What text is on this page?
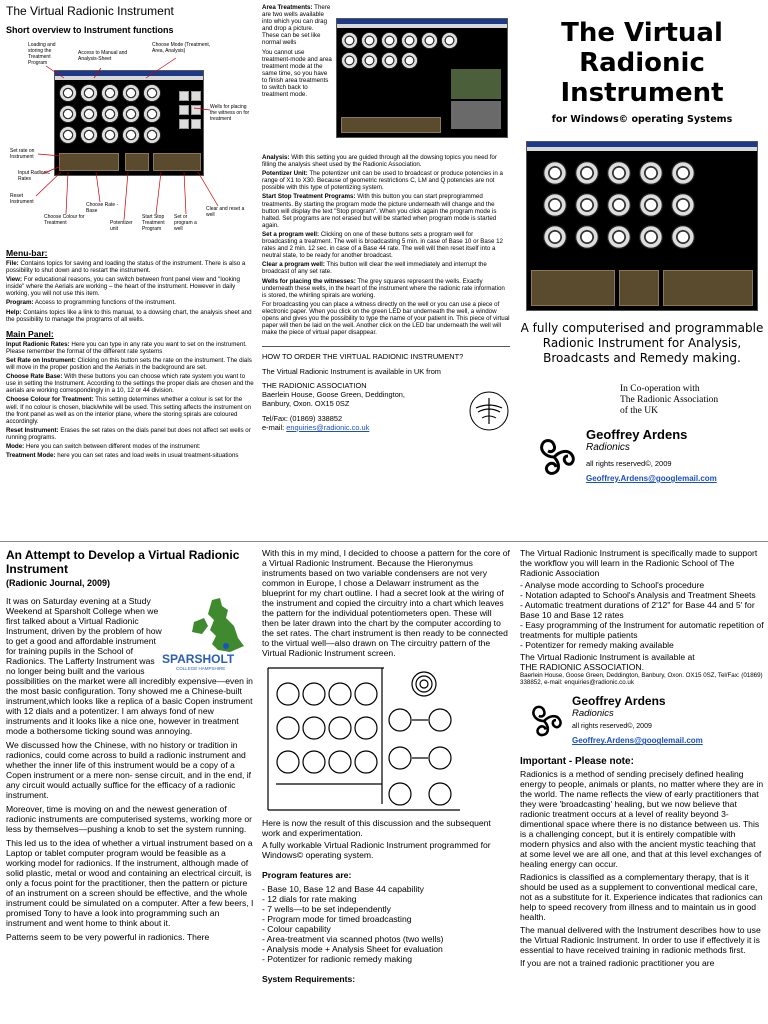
The Virtual Radionic Instrument
Short overview to Instrument functions
Loading and storing the Treatment Program
Access to Manual and Analysis-Sheet
Choose Mode (Treatment, Area, Analysis)
Wells for placing the witness on for treatment
Set rate on Instrument
Input Radionic Rates
Reset Instrument
Choose Colour for Treatment
Choose Rate - Base
Potentizer unit
Start Stop Treatment Program
Set or program a well
Clear and reset a well
Menu-bar:

File: Contains topics for saving and loading the status of the instrument. There is also a possibility to shut down and to restart the instrument.

View: For educational reasons, you can switch between front panel view and "looking inside" where the Aerials are working – the heart of the instrument. However in daily working, you will not use this item.

Program: Access to programming functions of the instrument.

Help: Contains topics like a link to this manual, to a dowsing chart, the analysis sheet and the possibility to manage the programs of all wells.

Main Panel:

Input Radionic Rates: Here you can type in any rate you want to set on the instrument. Please remember the format of the different rate systems

Set Rate on Instrument: Clicking on this button sets the rate on the instrument. The dials will move in the proper position and the Aerials in the background are set.

Choose Rate Base: With these buttons you can choose which rate system you want to use in setting the Instrument. According to the settings the proper dials are chosen and the aerials are working correspondingly in a 10, 12 or 44 division.

Choose Colour for Treatment: This setting determines whether a colour is set for the well. If no colour is chosen, black/white will be used. This setting affects the instrument on the front panel as well as on the interior plane, where the storing spirals are coloured accordingly.

Reset Instrument: Erases the set rates on the dials panel but does not affect set wells or running programs.

Mode: Here you can switch between different modes of the instrument:

Treatment Mode: here you can set rates and load wells in usual treatment-situations

Area Treatments: There are two wells available into which you can drag and drop a picture. These can be set like normal wells

You cannot use treatment-mode and area treatment mode at the same time, so you have to finish area treatments to switch back to treatment mode.

Analysis: With this setting you are guided through all the dowsing topics you need for filling the analysis sheet used by the Radionic Association.

Potentizer Unit: The potentizer unit can be used to broadcast or produce potencies in a range of X1 to X30. Because of geometric restrictions C, LM and Q potencies are not possible with this type of potentizing system.

Start Stop Treatment Programs: With this button you can start preprogrammed treatments. By starting the program mode the picture underneath will change and the button will display the text "Stop program". When you click again the program mode is halted. Set programs are not erased but will be started when program mode is started again.

Set a program well: Clicking on one of these buttons sets a program well for broadcasting a treatment. The well is broadcasting 5 min. in case of Base 10 or Base 12 rates and 2 min. 12 sec. in case of a Base 44 rate. The well will then reset itself into a neutral state, to be ready for another broadcast.

Clear a program well: This button will clear the well immediately and interrupt the broadcast of any set rate.

Wells for placing the witnesses: The grey squares represent the wells. Exactly underneath these wells, in the heart of the instrument where the radionic rate information is stored, the whirling spirals are working.

For broadcasting you can place a witness directly on the well or you can use a piece of electronic paper. When you click on the green LED bar underneath the well, a window opens and gives you the possibility to type the name of your patient in. This piece of virtual paper will then be laid on the well. Another click on the LED bar underneath the well will make the piece of virtual paper disappear.

HOW TO ORDER THE VIRTUAL RADIONIC INSTRUMENT?
The Virtual Radionic Instrument is available in UK from
THE RADIONIC ASSOCIATION
Baerlein House, Goose Green, Deddington,
Banbury, Oxon. OX15 0SZ
Tel/Fax: (01869) 338852
e-mail: enquiries@radionic.co.uk
The Virtual
Radionic
Instrument
for Windows© operating Systems
A fully computerised and programmable Radionic Instrument for Analysis, Broadcasts and Remedy making.
In Co-operation with
The Radionic Association
of the UK
Geoffrey Ardens
Radionics
all rights reserved©, 2009
Geoffrey.Ardens@googlemail.com
An Attempt to Develop a Virtual Radionic Instrument
(Radionic Journal, 2009)
SPARSHOLT
COLLEGE HAMPSHIRE

It was on Saturday evening at a Study Weekend at Sparsholt College when we first talked about a Virtual Radionic Instrument, driven by the problem of how to get a good and affordable instrument for training pupils in the School of Radionics. The Lafferty Instrument was no longer being built and the various possibilities on the market were all incredibly expensive—even in the most basic configuration. Tony showed me a Chinese-built instrument,which looks like a replica of a basic Copen instrument with 12 dials and a potentizer. I am always fond of new instruments and it looks like a nice one, however in treatment mode a bothersome ticking sound was annoying.

We discussed how the Chinese, with no history or tradition in radionics, could come across to build a radionic instrument and whether the inner life of this instrument would be a copy of a Copen instrument or a mere non- sense circuit, and in the end, if any circuit would actually suffice for the efficacy of a radionic instrument.

Moreover, time is moving on and the newest generation of radionic instruments are computerised systems, working more or less by themselves—pushing a knob to set the system running.

This led us to the idea of whether a virtual instrument based on a Laptop or tablet computer program would be feasible as a working model for radionics. If the instrument, although made of solid plastic, metal or wood and containing an electrical circuit, is only a focus point for the practitioner, then the pattern or picture of an instrument on a screen should be effective, and the whole instrument could be simulated on a computer. After a few beers, I promised Tony to have a look into programming such an instrument and went home to think about it.

Patterns seem to be very powerful in radionics. There

With this in my mind, I decided to choose a pattern for the core of a Virtual Radionic Instrument. Because the Hieronymus instruments based on two variable condensers are not very common in Europe, I chose a Delawarr instrument as the blueprint for my chart outline. I had a secret look at the wiring of the instrument and copied the circuitry into a chart which leaves the pattern for the individual potentiometers open. These will then be later drawn into the chart by the computer according to the set rates. The chart instrument is then ready to be connected to the virtual well—also drawn on The circuitry pattern of the Virtual Radionic Instrument screen.

Here is now the result of this discussion and the subsequent work and experimentation.

A fully workable Virtual Radionic Instrument programmed for Windows© operating system.

Program features are:
- Base 10, Base 12 and Base 44 capability
- 12 dials for rate making
- 7 wells—to be set independently
- Program mode for timed broadcasting
- Colour capability
- Area-treatment via scanned photos (two wells)
- Analysis mode + Analysis Sheet for evaluation
- Potentizer for radionic remedy making
System Requirements:
The Virtual Radionic Instrument is specifically made to support the workflow you will learn in the Radionic School of The Radionic Association
- Analyse mode according to School's procedure
- Notation adapted to School's Analysis and Treatment Sheets
- Automatic treatment durations of 2'12" for Base 44 and 5' for Base 10 and Base 12 rates
- Easy programming of the Instrument for automatic repetition of treatments for multiple patients
- Potentizer for remedy making available
The Virtual Radionic Instrument is available at
THE RADIONIC ASSOCIATION.
Baerlein House, Goose Green, Deddington, Banbury, Oxon. OX15 0SZ, Tel/Fax: (01869) 338852, e-mail: enquiries@radionic.co.uk
Geoffrey Ardens
Radionics
all rights reserved©, 2009
Geoffrey.Ardens@googlemail.com
Important - Please note:

Radionics is a method of sending precisely defined healing energy to people, animals or plants, no matter where they are in the world. The name reflects the view of early practitioners that they were 'broadcasting' healing, but we now believe that radionic treatment occurs at a level of reality beyond 3-dimentional space where there is no distance between us. This is a challenging concept, but it is entirely compatible with modern physics and also with the ancient mystic teaching that at some level we are all one, and that at this level exchanges of healing energy can occur.

Radionics is classified as a complementary therapy, that is it should be used as a supplement to conventional medical care, not as a substitute for it. Experience indicates that radionics can help to speed recovery from illness and to maintain us in good health.

The manual delivered with the Instrument describes how to use the Virtual Radionic Instrument. In order to use if effectively it is essential to have received training in radionic methods first.

If you are not a trained radionic practitioner you are
